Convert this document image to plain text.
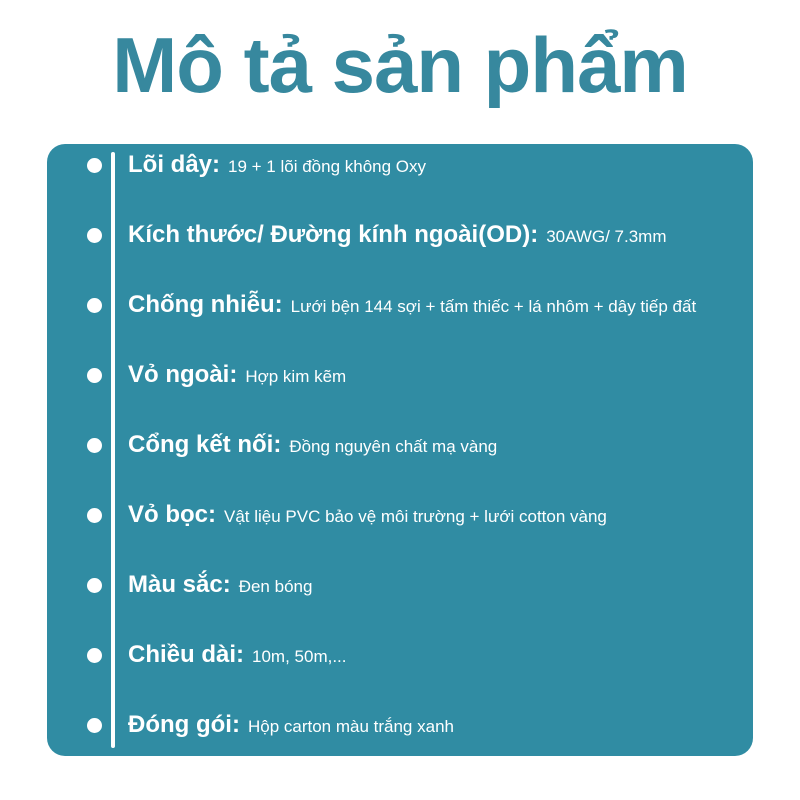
Mô tả sản phẩm
Lõi dây: 19 + 1 lõi đồng không Oxy
Kích thước/ Đường kính ngoài(OD): 30AWG/ 7.3mm
Chống nhiễu: Lưới bện 144 sợi + tấm thiếc + lá nhôm + dây tiếp đất
Vỏ ngoài: Hợp kim kẽm
Cổng kết nối: Đồng nguyên chất mạ vàng
Vỏ bọc: Vật liệu PVC bảo vệ môi trường + lưới cotton vàng
Màu sắc: Đen bóng
Chiều dài: 10m, 50m,...
Đóng gói: Hộp carton màu trắng xanh
